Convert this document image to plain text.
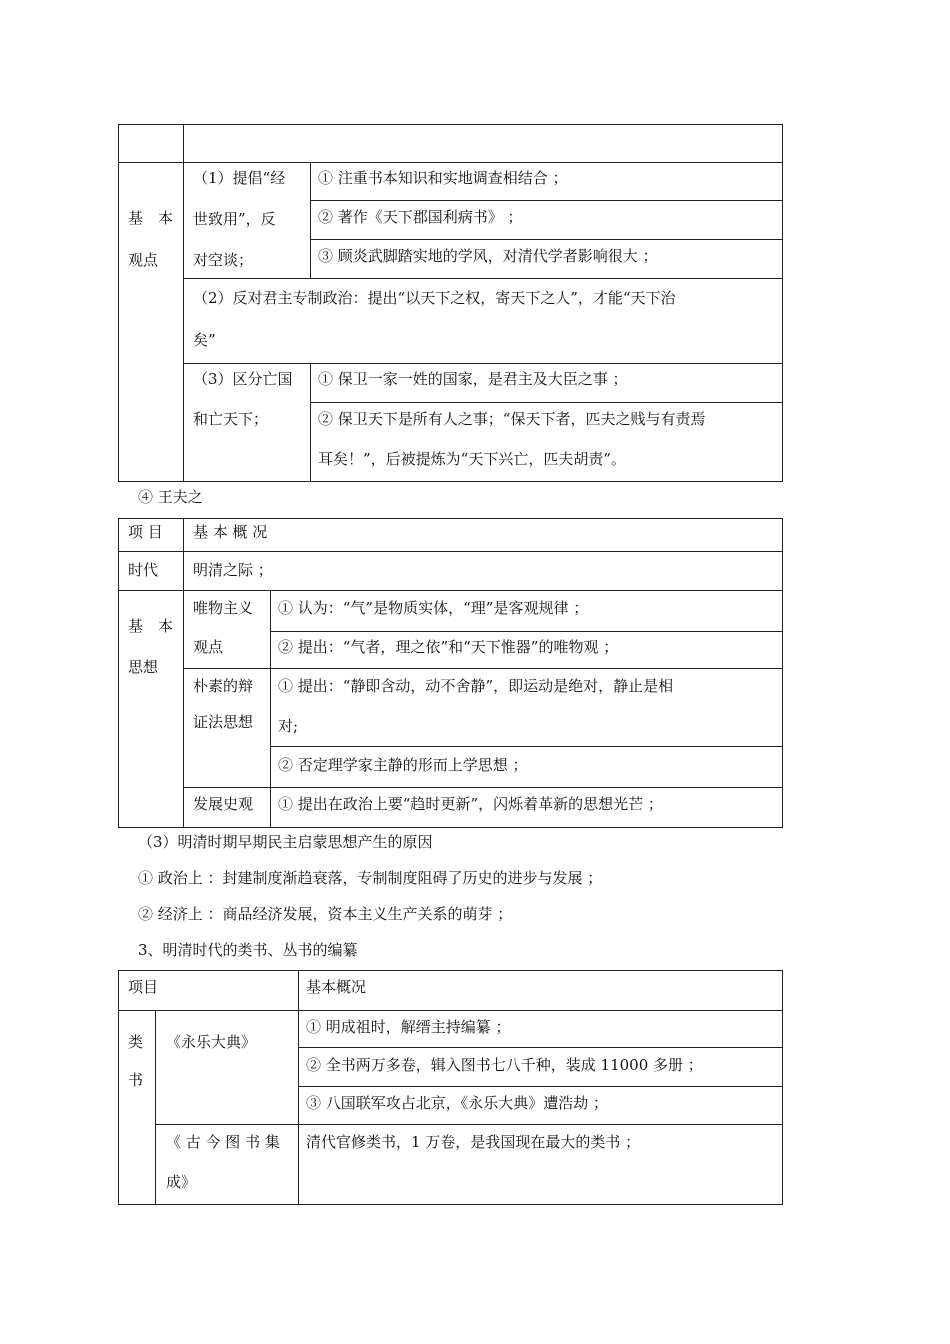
基　本
观点
（1）提倡“经
世致用”，反
对空谈；
① 注重书本知识和实地调查相结合 ；
② 著作《天下郡国利病书》 ；
③ 顾炎武脚踏实地的学风，对清代学者影响很大 ；
（2）反对君主专制政治：提出“以天下之权，寄天下之人”，才能“天下治
矣”
（3）区分亡国
和亡天下；
① 保卫一家一姓的国家，是君主及大臣之事 ；
② 保卫天下是所有人之事；“保天下者，匹夫之贱与有责焉
耳矣！”，后被提炼为“天下兴亡，匹夫胡责”。
④ 王夫之
项 目 基 本 概 况
时代 明清之际 ；
基　本
思想
唯物主义
观点
① 认为：“气”是物质实体，“理”是客观规律 ；
② 提出：“气者，理之依”和“天下惟器”的唯物观 ；
朴素的辩
证法思想
① 提出：“静即含动，动不舍静”，即运动是绝对，静止是相
对;
② 否定理学家主静的形而上学思想 ；
发展史观 ① 提出在政治上要“趋时更新”，闪烁着革新的思想光芒 ；
（3）明清时期早期民主启蒙思想产生的原因
① 政治上 ：封建制度渐趋衰落，专制制度阻碍了历史的进步与发展 ；
② 经济上 ：商品经济发展，资本主义生产关系的萌芽 ；
3、明清时代的类书、丛书的编纂
项目	基本概况
类
书
《永乐大典》
① 明成祖时，解缙主持编纂 ；
② 全书两万多卷，辑入图书七八千种，装成 11000 多册 ；
③ 八国联军攻占北京，《永乐大典》遭浩劫 ；
《 古 今 图 书 集
成》
清代官修类书，1 万卷，是我国现在最大的类书 ；
